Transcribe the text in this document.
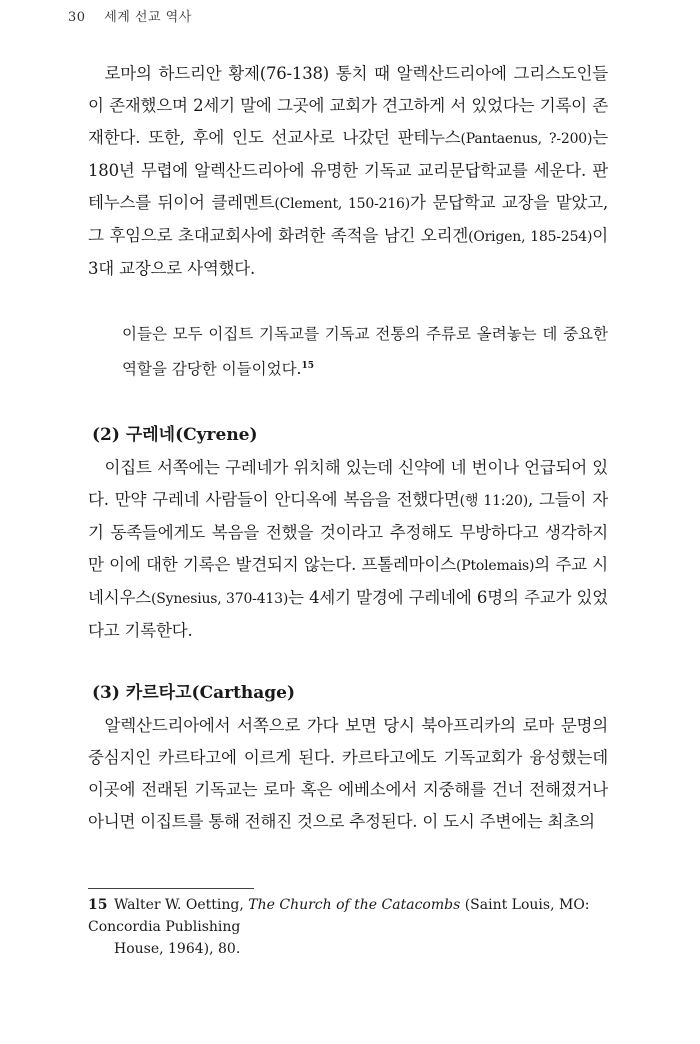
30 세계 선교 역사

로마의 하드리안 황제(76-138) 통치 때 알렉산드리아에 그리스도인들이 존재했으며 2세기 말에 그곳에 교회가 견고하게 서 있었다는 기록이 존재한다. 또한, 후에 인도 선교사로 나갔던 판테누스(Pantaenus, ?-200)는 180년 무렵에 알렉산드리아에 유명한 기독교 교리문답학교를 세운다. 판테누스를 뒤이어 클레멘트(Clement, 150-216)가 문답학교 교장을 맡았고, 그 후임으로 초대교회사에 화려한 족적을 남긴 오리겐(Origen, 185-254)이 3대 교장으로 사역했다.

이들은 모두 이집트 기독교를 기독교 전통의 주류로 올려놓는 데 중요한 역할을 감당한 이들이었다.$^{15}$
(2) 구레네(Cyrene)

이집트 서쪽에는 구레네가 위치해 있는데 신약에 네 번이나 언급되어 있다. 만약 구레네 사람들이 안디옥에 복음을 전했다면(행 11:20), 그들이 자기 동족들에게도 복음을 전했을 것이라고 추정해도 무방하다고 생각하지만 이에 대한 기록은 발견되지 않는다. 프톨레마이스(Ptolemais)의 주교 시네시우스(Synesius, 370-413)는 4세기 말경에 구레네에 6명의 주교가 있었다고 기록한다.

(3) 카르타고(Carthage)

알렉산드리아에서 서쪽으로 가다 보면 당시 북아프리카의 로마 문명의 중심지인 카르타고에 이르게 된다. 카르타고에도 기독교회가 융성했는데 이곳에 전래된 기독교는 로마 혹은 에베소에서 지중해를 건너 전해졌거나 아니면 이집트를 통해 전해진 것으로 추정된다. 이 도시 주변에는 최초의

15 Walter W. Oetting, The Church of the Catacombs (Saint Louis, MO: Concordia Publishing
House, 1964), 80.
